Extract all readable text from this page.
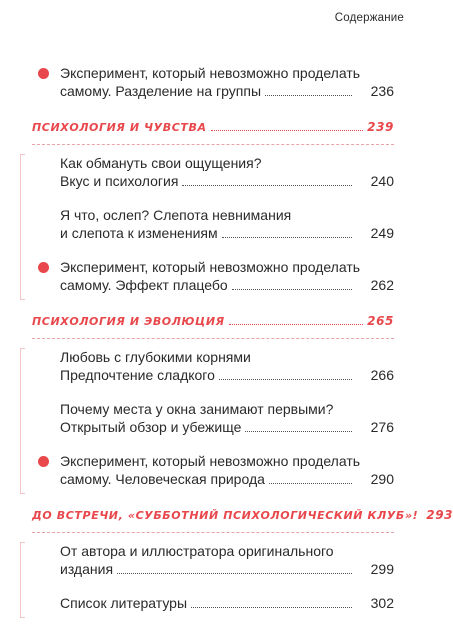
Содержание
Эксперимент, который невозможно проделать
самому. Разделение на группы	236
ПСИХОЛОГИЯ И ЧУВСТВА	239
Как обмануть свои ощущения?
Вкус и психология	240
Я что, ослеп? Слепота невнимания
и слепота к изменениям	249
Эксперимент, который невозможно проделать
самому. Эффект плацебо	262
ПСИХОЛОГИЯ И ЭВОЛЮЦИЯ	265
Любовь с глубокими корнями
Предпочтение сладкого	266
Почему места у окна занимают первыми?
Открытый обзор и убежище	276
Эксперимент, который невозможно проделать
самому. Человеческая природа	290
ДО ВСТРЕЧИ, «СУББОТНИЙ ПСИХОЛОГИЧЕСКИЙ КЛУБ»! 293
От автора и иллюстратора оригинального
издания	299
Список литературы	302
